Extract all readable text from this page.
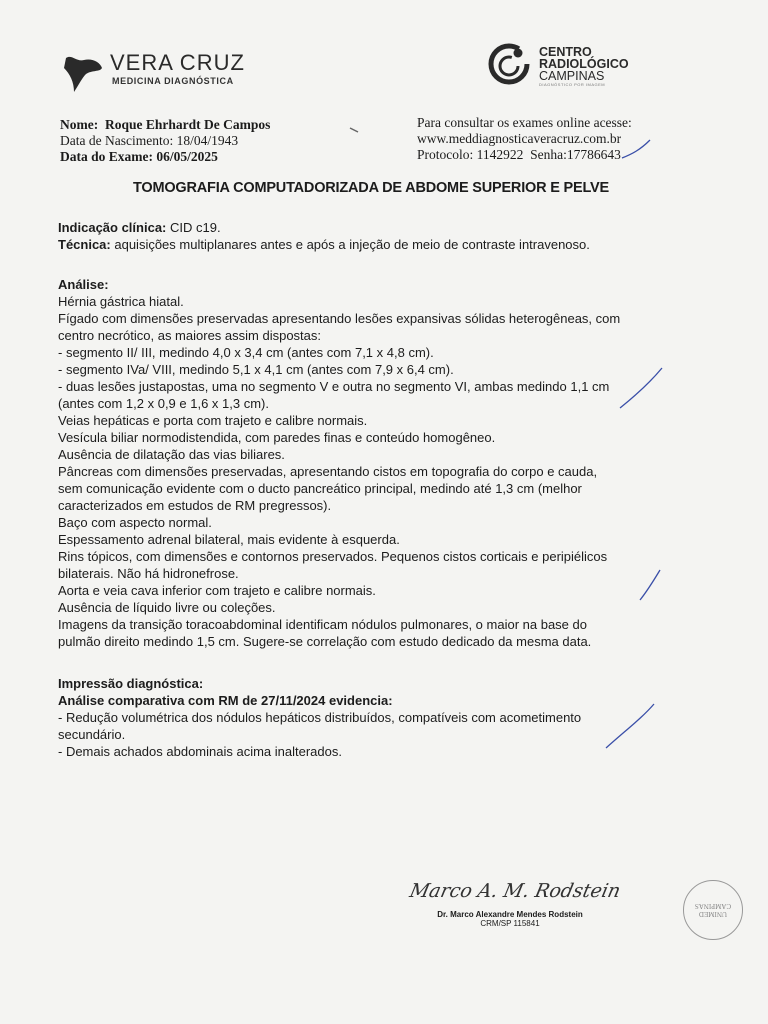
VERA CRUZ
MEDICINA DIAGNÓSTICA
CENTRO
RADIOLÓGICO
CAMPINAS
DIAGNÓSTICO POR IMAGEM
Nome: Roque Ehrhardt De Campos
Data de Nascimento: 18/04/1943
Data do Exame: 06/05/2025
Para consultar os exames online acesse:
www.meddiagnosticaveracruz.com.br
Protocolo: 1142922 Senha:17786643
TOMOGRAFIA COMPUTADORIZADA DE ABDOME SUPERIOR E PELVE
Indicação clínica: CID c19.
Técnica: aquisições multiplanares antes e após a injeção de meio de contraste intravenoso.
Análise:
Hérnia gástrica hiatal.
Fígado com dimensões preservadas apresentando lesões expansivas sólidas heterogêneas, com
centro necrótico, as maiores assim dispostas:
- segmento II/ III, medindo 4,0 x 3,4 cm (antes com 7,1 x 4,8 cm).
- segmento IVa/ VIII, medindo 5,1 x 4,1 cm (antes com 7,9 x 6,4 cm).
- duas lesões justapostas, uma no segmento V e outra no segmento VI, ambas medindo 1,1 cm
(antes com 1,2 x 0,9 e 1,6 x 1,3 cm).
Veias hepáticas e porta com trajeto e calibre normais.
Vesícula biliar normodistendida, com paredes finas e conteúdo homogêneo.
Ausência de dilatação das vias biliares.
Pâncreas com dimensões preservadas, apresentando cistos em topografia do corpo e cauda,
sem comunicação evidente com o ducto pancreático principal, medindo até 1,3 cm (melhor
caracterizados em estudos de RM pregressos).
Baço com aspecto normal.
Espessamento adrenal bilateral, mais evidente à esquerda.
Rins tópicos, com dimensões e contornos preservados. Pequenos cistos corticais e peripiélicos
bilaterais. Não há hidronefrose.
Aorta e veia cava inferior com trajeto e calibre normais.
Ausência de líquido livre ou coleções.
Imagens da transição toracoabdominal identificam nódulos pulmonares, o maior na base do
pulmão direito medindo 1,5 cm. Sugere-se correlação com estudo dedicado da mesma data.
Impressão diagnóstica:
Análise comparativa com RM de 27/11/2024 evidencia:
- Redução volumétrica dos nódulos hepáticos distribuídos, compatíveis com acometimento
secundário.
- Demais achados abdominais acima inalterados.
Marco A. M. Rodstein
Dr. Marco Alexandre Mendes Rodstein
CRM/SP 115841
UNIMED CAMPINAS
